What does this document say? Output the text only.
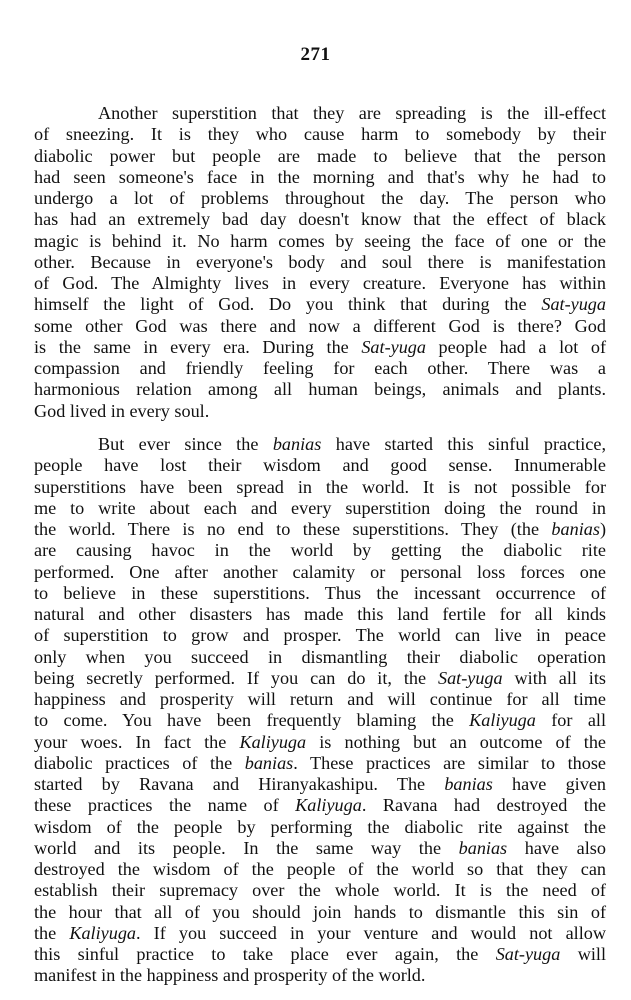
271
Another superstition that they are spreading is the ill-effect
of sneezing. It is they who cause harm to somebody by their
diabolic power but people are made to believe that the person
had seen someone's face in the morning and that's why he had to
undergo a lot of problems throughout the day. The person who
has had an extremely bad day doesn't know that the effect of black
magic is behind it. No harm comes by seeing the face of one or the
other. Because in everyone's body and soul there is manifestation
of God. The Almighty lives in every creature. Everyone has within
himself the light of God. Do you think that during the Sat-yuga
some other God was there and now a different God is there? God
is the same in every era. During the Sat-yuga people had a lot of
compassion and friendly feeling for each other. There was a
harmonious relation among all human beings, animals and plants.
God lived in every soul.
But ever since the banias have started this sinful practice,
people have lost their wisdom and good sense. Innumerable
superstitions have been spread in the world. It is not possible for
me to write about each and every superstition doing the round in
the world. There is no end to these superstitions. They (the banias)
are causing havoc in the world by getting the diabolic rite
performed. One after another calamity or personal loss forces one
to believe in these superstitions. Thus the incessant occurrence of
natural and other disasters has made this land fertile for all kinds
of superstition to grow and prosper. The world can live in peace
only when you succeed in dismantling their diabolic operation
being secretly performed. If you can do it, the Sat-yuga with all its
happiness and prosperity will return and will continue for all time
to come. You have been frequently blaming the Kaliyuga for all
your woes. In fact the Kaliyuga is nothing but an outcome of the
diabolic practices of the banias. These practices are similar to those
started by Ravana and Hiranyakashipu. The banias have given
these practices the name of Kaliyuga. Ravana had destroyed the
wisdom of the people by performing the diabolic rite against the
world and its people. In the same way the banias have also
destroyed the wisdom of the people of the world so that they can
establish their supremacy over the whole world. It is the need of
the hour that all of you should join hands to dismantle this sin of
the Kaliyuga. If you succeed in your venture and would not allow
this sinful practice to take place ever again, the Sat-yuga will
manifest in the happiness and prosperity of the world.
